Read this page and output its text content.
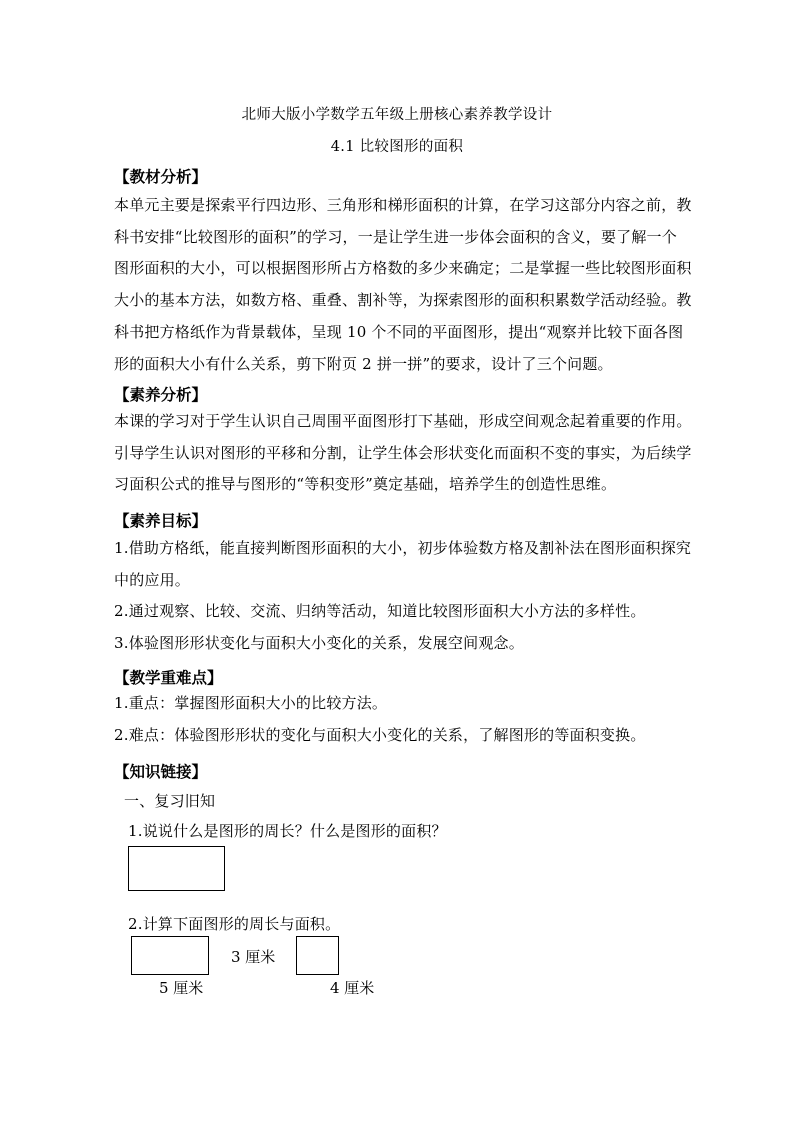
北师大版小学数学五年级上册核心素养教学设计
4.1 比较图形的面积
【教材分析】
本单元主要是探索平行四边形、三角形和梯形面积的计算，在学习这部分内容之前，教
科书安排“比较图形的面积”的学习，一是让学生进一步体会面积的含义，要了解一个
图形面积的大小，可以根据图形所占方格数的多少来确定；二是掌握一些比较图形面积
大小的基本方法，如数方格、重叠、割补等，为探索图形的面积积累数学活动经验。教
科书把方格纸作为背景载体，呈现 10 个不同的平面图形，提出“观察并比较下面各图
形的面积大小有什么关系，剪下附页 2 拼一拼”的要求，设计了三个问题。
【素养分析】
本课的学习对于学生认识自己周围平面图形打下基础，形成空间观念起着重要的作用。
引导学生认识对图形的平移和分割，让学生体会形状变化而面积不变的事实，为后续学
习面积公式的推导与图形的“等积变形”奠定基础，培养学生的创造性思维。
【素养目标】
1.借助方格纸，能直接判断图形面积的大小，初步体验数方格及割补法在图形面积探究
中的应用。
2.通过观察、比较、交流、归纳等活动，知道比较图形面积大小方法的多样性。
3.体验图形形状变化与面积大小变化的关系，发展空间观念。
【教学重难点】
1.重点：掌握图形面积大小的比较方法。
2.难点：体验图形形状的变化与面积大小变化的关系，了解图形的等面积变换。
【知识链接】
一、复习旧知
1.说说什么是图形的周长？什么是图形的面积？
2.计算下面图形的周长与面积。
3 厘米
5 厘米	4 厘米
